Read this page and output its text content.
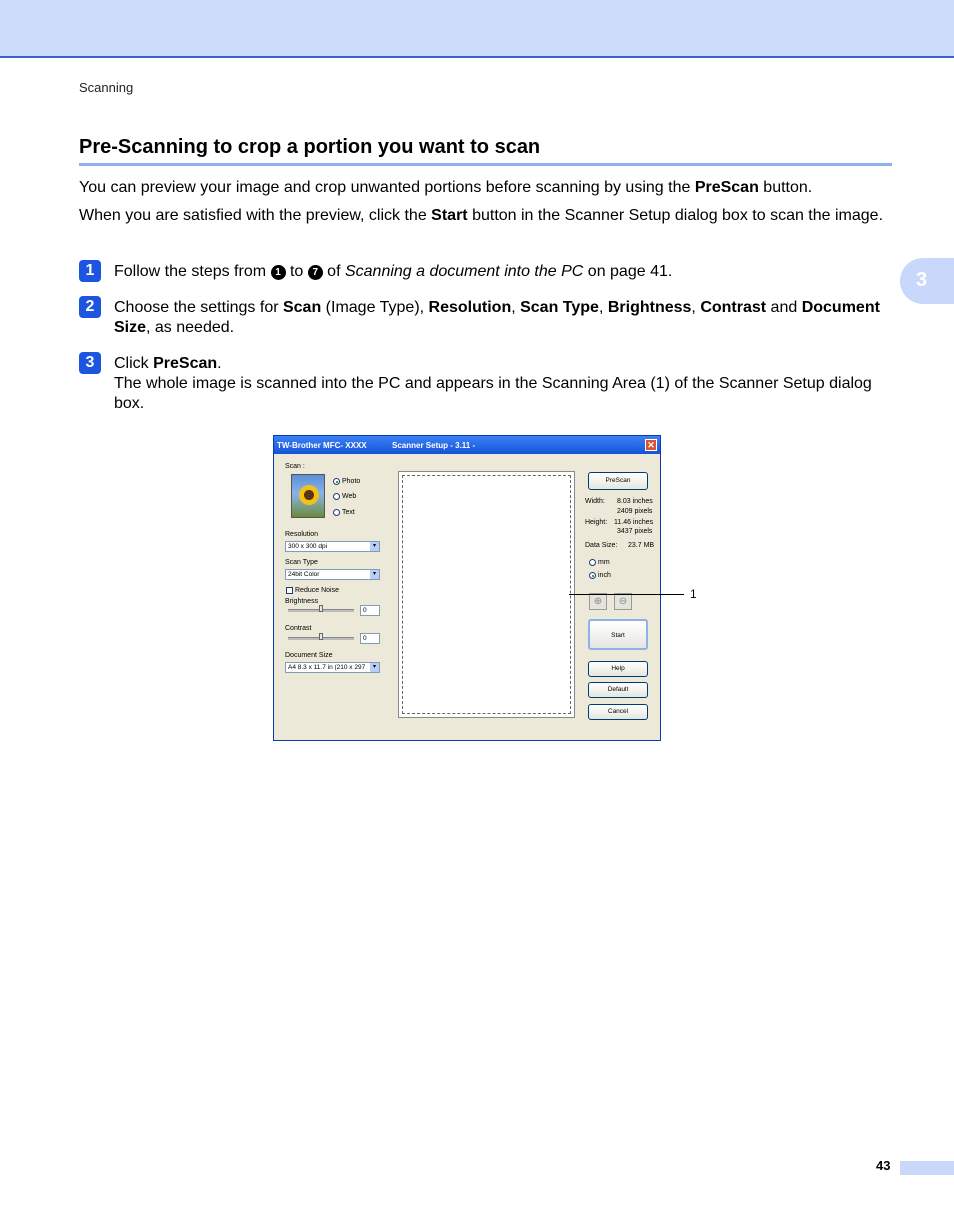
Scanning
Pre-Scanning to crop a portion you want to scan

You can preview your image and crop unwanted portions before scanning by using the PreScan button.

When you are satisfied with the preview, click the Start button in the Scanner Setup dialog box to scan the image.

3
1	Follow the steps from 1 to 7 of Scanning a document into the PC on page 41.

2	Choose the settings for Scan (Image Type), Resolution, Scan Type, Brightness, Contrast and Document Size, as needed.

3	Click PreScan.
The whole image is scanned into the PC and appears in the Scanning Area (1) of the Scanner Setup dialog box.

TW-Brother MFC- XXXX	Scanner Setup - 3.11 -	✕
Scan :
Photo
Web
Text
Resolution
300 x 300 dpi	▾
Scan Type
24bit Color	▾
Reduce Noise
Brightness
0
Contrast
0
Document Size
A4 8.3 x 11.7 in (210 x 297	▾
PreScan
Width: 8.03 inches
2409 pixels
Height: 11.46 inches
3437 pixels
Data Size: 23.7 MB
mm
inch
⊕	⊖
Start
Help
Default
Cancel
1
43
